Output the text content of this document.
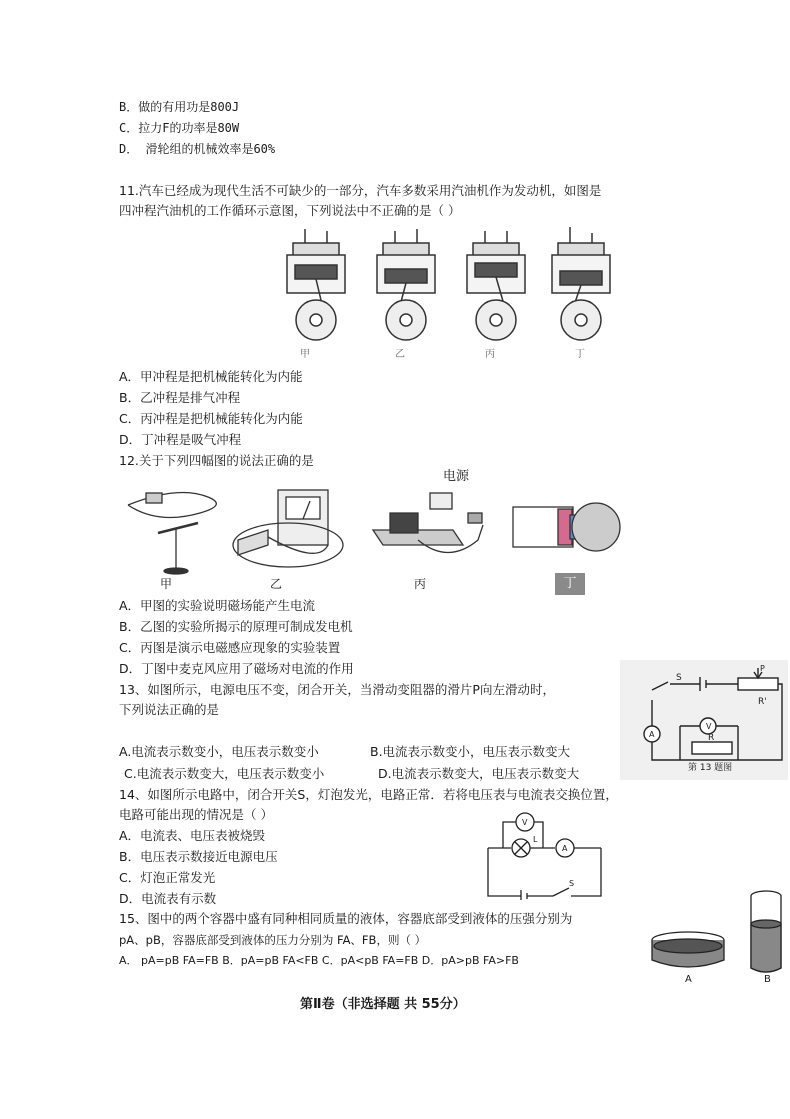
B．做的有用功是800J
C．拉力F的功率是80W
D． 滑轮组的机械效率是60%
11.汽车已经成为现代生活不可缺少的一部分，汽车多数采用汽油机作为发动机，如图是
四冲程汽油机的工作循环示意图，下列说法中不正确的是（ ）
甲	乙	丙	丁
A．甲冲程是把机械能转化为内能
B．乙冲程是排气冲程
C．丙冲程是把机械能转化为内能
D．丁冲程是吸气冲程
12.关于下列四幅图的说法正确的是
电源
甲	乙	丙	丁
A．甲图的实验说明磁场能产生电流
B．乙图的实验所揭示的原理可制成发电机
C．丙图是演示电磁感应现象的实验装置
D．丁图中麦克风应用了磁场对电流的作用
13、如图所示，电源电压不变，闭合开关，当滑动变阻器的滑片P向左滑动时，
下列说法正确的是
S
R'
V
A	R
P
第 13 题图
A.电流表示数变小，电压表示数变小	B.电流表示数变小，电压表示数变大
C.电流表示数变大，电压表示数变小	D.电流表示数变大，电压表示数变大
14、如图所示电路中，闭合开关S，灯泡发光，电路正常．若将电压表与电流表交换位置，
电路可能出现的情况是（ ）
V
A
L
S
A．电流表、电压表被烧毁
B．电压表示数接近电源电压
C．灯泡正常发光
D．电流表有示数
15、图中的两个容器中盛有同种相同质量的液体，容器底部受到液体的压强分别为
pA、pB，容器底部受到液体的压力分别为 FA、FB，则（ ）
A． pA=pB FA=FB B．pA=pB FA<FB C．pA<pB FA=FB D．pA>pB FA>FB
A	B
第Ⅱ卷（非选择题 共 55分）
